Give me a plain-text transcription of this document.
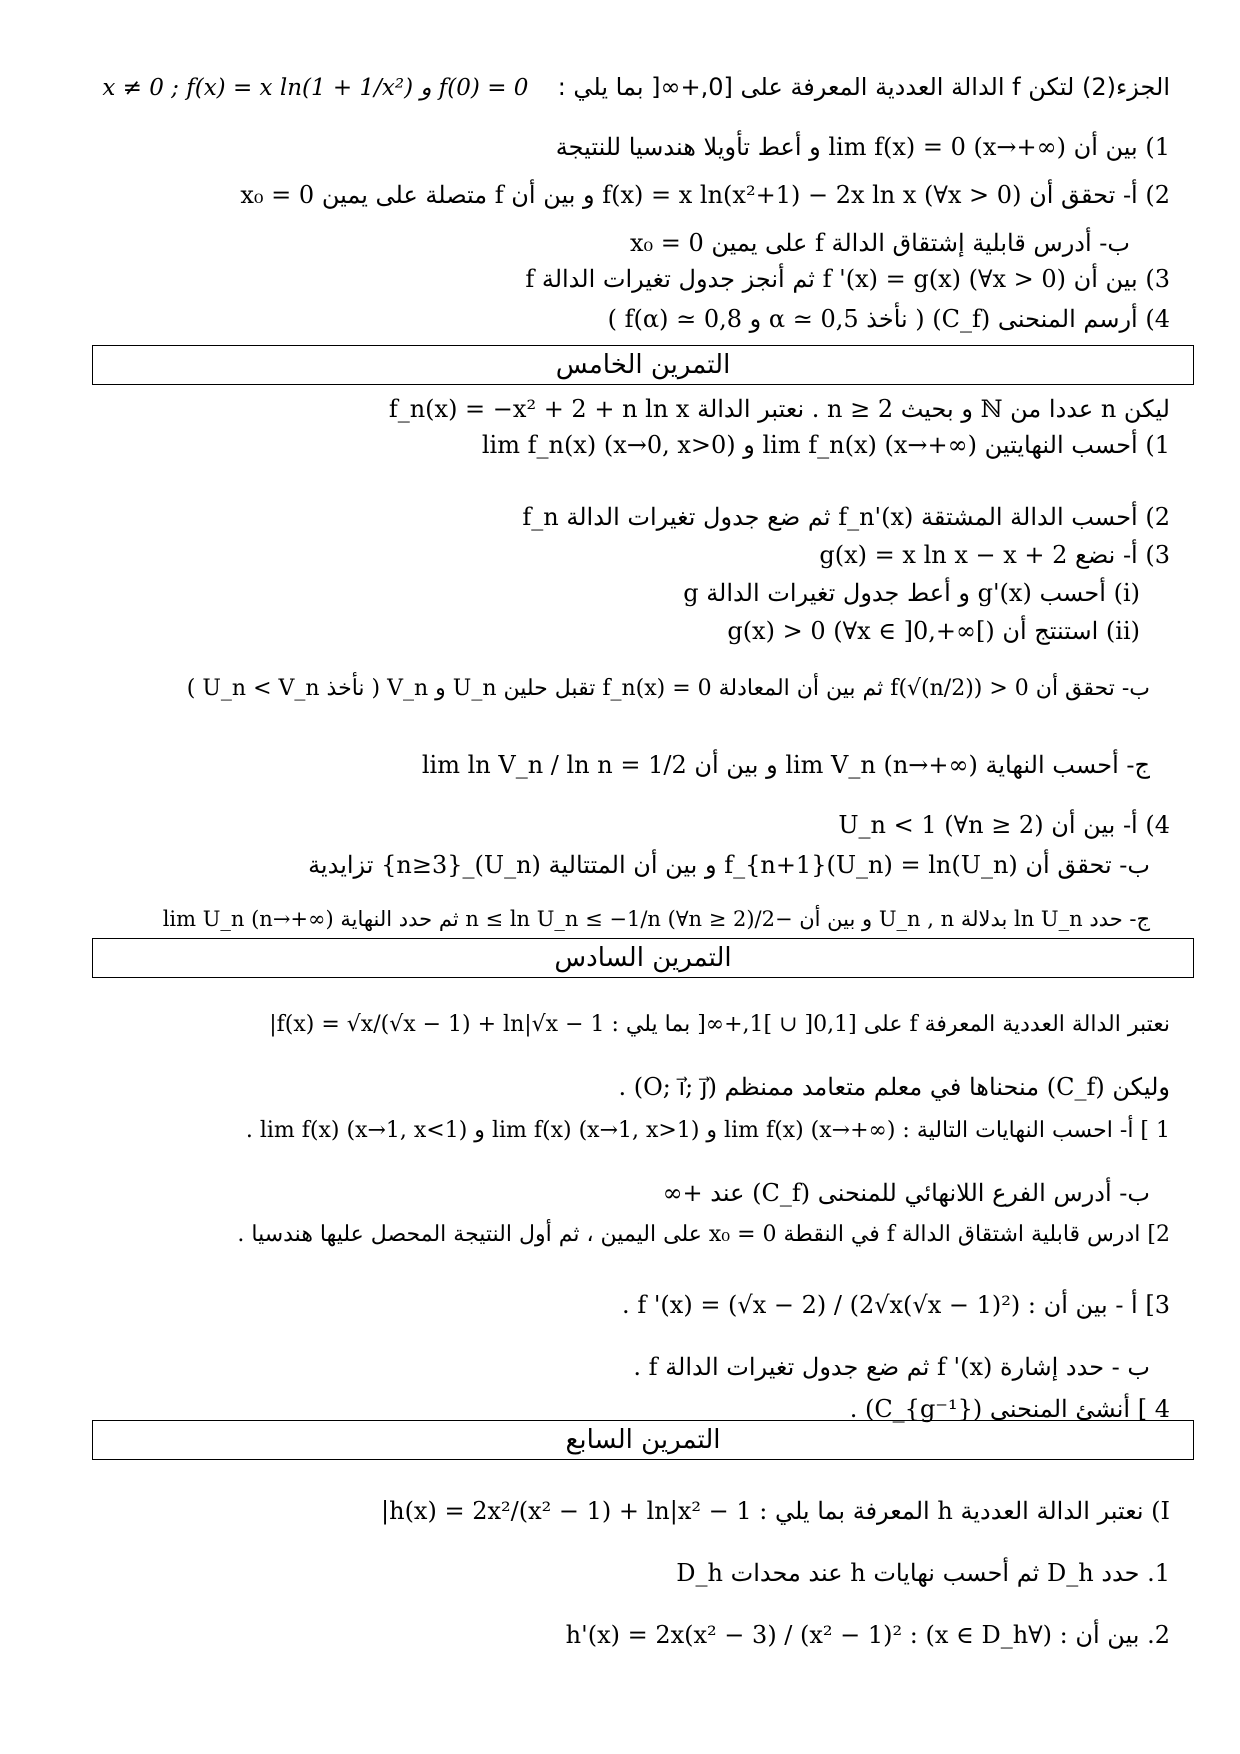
الجزء(2) لتكن f الدالة العددية المعرفة على [0,+∞[ بما يلي :  x ≠ 0 ; f(x) = x ln(1 + 1/x²) و f(0) = 0
1) بين أن lim f(x) = 0 (x→+∞) و أعط تأويلا هندسيا للنتيجة
2) أ- تحقق أن f(x) = x ln(x²+1) − 2x ln x (∀x > 0) و بين أن f متصلة على يمين x₀ = 0
ب- أدرس قابلية إشتقاق الدالة f على يمين x₀ = 0
3) بين أن f '(x) = g(x) (∀x > 0) ثم أنجز جدول تغيرات الدالة f
4) أرسم المنحنى (C_f) ( نأخذ α ≃ 0,5 و f(α) ≃ 0,8 )
التمرين الخامس
ليكن n عددا من ℕ و بحيث n ≥ 2 . نعتبر الدالة f_n(x) = −x² + 2 + n ln x
1) أحسب النهايتين lim f_n(x) (x→+∞) و lim f_n(x) (x→0, x>0)
2) أحسب الدالة المشتقة f_n'(x) ثم ضع جدول تغيرات الدالة f_n
3) أ- نضع g(x) = x ln x − x + 2
(i) أحسب g'(x) و أعط جدول تغيرات الدالة g
(ii) استنتج أن g(x) > 0 (∀x ∈ ]0,+∞[)
ب- تحقق أن f(√(n/2)) > 0 ثم بين أن المعادلة f_n(x) = 0 تقبل حلين U_n و V_n ( نأخذ U_n < V_n )
ج- أحسب النهاية lim V_n (n→+∞) و بين أن lim ln V_n / ln n = 1/2
4) أ- بين أن U_n < 1 (∀n ≥ 2)
ب- تحقق أن f_{n+1}(U_n) = ln(U_n) و بين أن المتتالية (U_n)_{n≥3} تزايدية
ج- حدد ln U_n بدلالة U_n , n و بين أن −2/n ≤ ln U_n ≤ −1/n (∀n ≥ 2) ثم حدد النهاية lim U_n (n→+∞)
التمرين السادس
نعتبر الدالة العددية المعرفة f على [0,1[ ∪ ]1,+∞[ بما يلي : f(x) = √x/(√x − 1) + ln|√x − 1|
وليكن (C_f) منحناها في معلم متعامد ممنظم (O; i⃗; j⃗) .
1 ] أ- احسب النهايات التالية : lim f(x) (x→+∞) و lim f(x) (x→1, x>1) و lim f(x) (x→1, x<1) .
ب- أدرس الفرع اللانهائي للمنحنى (C_f) عند +∞
2] ادرس قابلية اشتقاق الدالة f في النقطة x₀ = 0 على اليمين ، ثم أول النتيجة المحصل عليها هندسيا .
3] أ - بين أن : f '(x) = (√x − 2) / (2√x(√x − 1)²) .
ب - حدد إشارة f '(x) ثم ضع جدول تغيرات الدالة f .
4 ] أنشئ المنحنى (C_{g⁻¹}) .
التمرين السابع
I) نعتبر الدالة العددية h المعرفة بما يلي : h(x) = 2x²/(x² − 1) + ln|x² − 1|
1. حدد D_h ثم أحسب نهايات h عند محدات D_h
2. بين أن : (∀x ∈ D_h) : h'(x) = 2x(x² − 3) / (x² − 1)²
